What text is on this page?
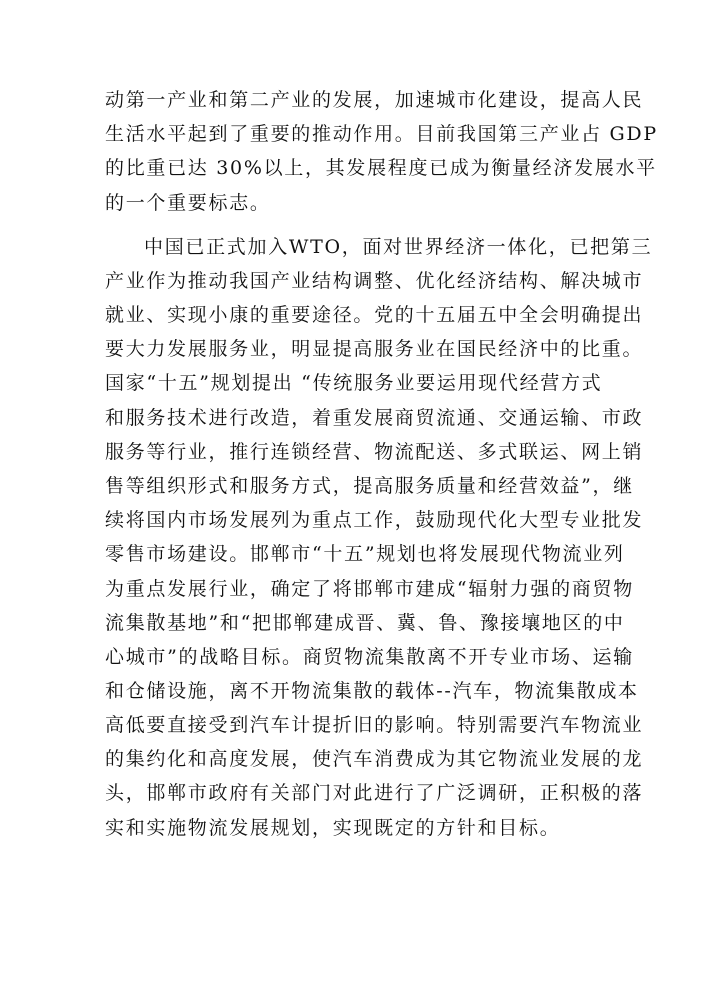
动第一产业和第二产业的发展，加速城市化建设，提高人民
生活水平起到了重要的推动作用。目前我国第三产业占 GDP
的比重已达 30%以上，其发展程度已成为衡量经济发展水平
的一个重要标志。
中国已正式加入WTO，面对世界经济一体化，已把第三
产业作为推动我国产业结构调整、优化经济结构、解决城市
就业、实现小康的重要途径。党的十五届五中全会明确提出
要大力发展服务业，明显提高服务业在国民经济中的比重。
国家“十五”规划提出 “传统服务业要运用现代经营方式
和服务技术进行改造，着重发展商贸流通、交通运输、市政
服务等行业，推行连锁经营、物流配送、多式联运、网上销
售等组织形式和服务方式，提高服务质量和经营效益”，继
续将国内市场发展列为重点工作，鼓励现代化大型专业批发
零售市场建设。邯郸市“十五”规划也将发展现代物流业列
为重点发展行业，确定了将邯郸市建成“辐射力强的商贸物
流集散基地”和“把邯郸建成晋、冀、鲁、豫接壤地区的中
心城市”的战略目标。商贸物流集散离不开专业市场、运输
和仓储设施，离不开物流集散的载体--汽车，物流集散成本
高低要直接受到汽车计提折旧的影响。特别需要汽车物流业
的集约化和高度发展，使汽车消费成为其它物流业发展的龙
头，邯郸市政府有关部门对此进行了广泛调研，正积极的落
实和实施物流发展规划，实现既定的方针和目标。
